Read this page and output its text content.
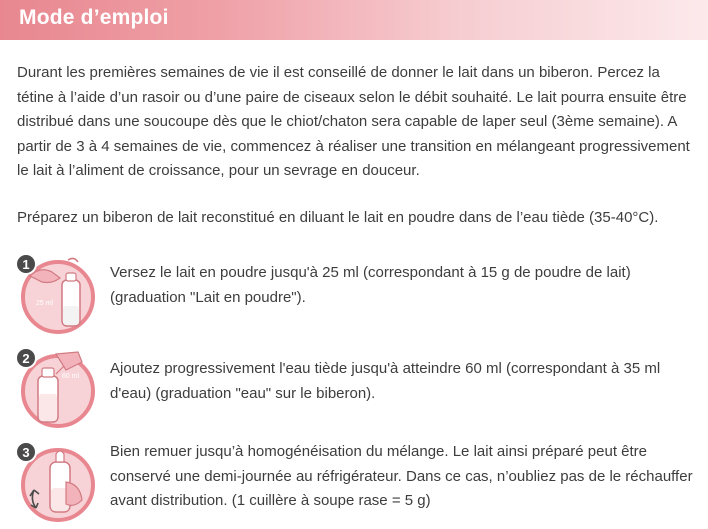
Mode d’emploi

Durant les premières semaines de vie il est conseillé de donner le lait dans un biberon. Percez la tétine à l’aide d’un rasoir ou d’une paire de ciseaux selon le débit souhaité. Le lait pourra ensuite être distribué dans une soucoupe dès que le chiot/chaton sera capable de laper seul (3ème semaine). A partir de 3 à 4 semaines de vie, commencez à réaliser une transition en mélangeant progressivement le lait à l’aliment de croissance, pour un sevrage en douceur.

Préparez un biberon de lait reconstitué en diluant le lait en poudre dans de l’eau tiède (35-40°C).

25 ml
1	Versez le lait en poudre jusqu'à 25 ml (correspondant à 15 g de poudre de lait) (graduation "Lait en poudre").

60 ml
2

Ajoutez progressivement l'eau tiède jusqu'à atteindre 60 ml (correspondant à 35 ml d'eau) (graduation "eau" sur le biberon).

3	Bien remuer jusqu’à homogénéisation du mélange. Le lait ainsi préparé peut être conservé une demi-journée au réfrigérateur. Dans ce cas, n’oubliez pas de le réchauffer avant distribution. (1 cuillère à soupe rase = 5 g)
